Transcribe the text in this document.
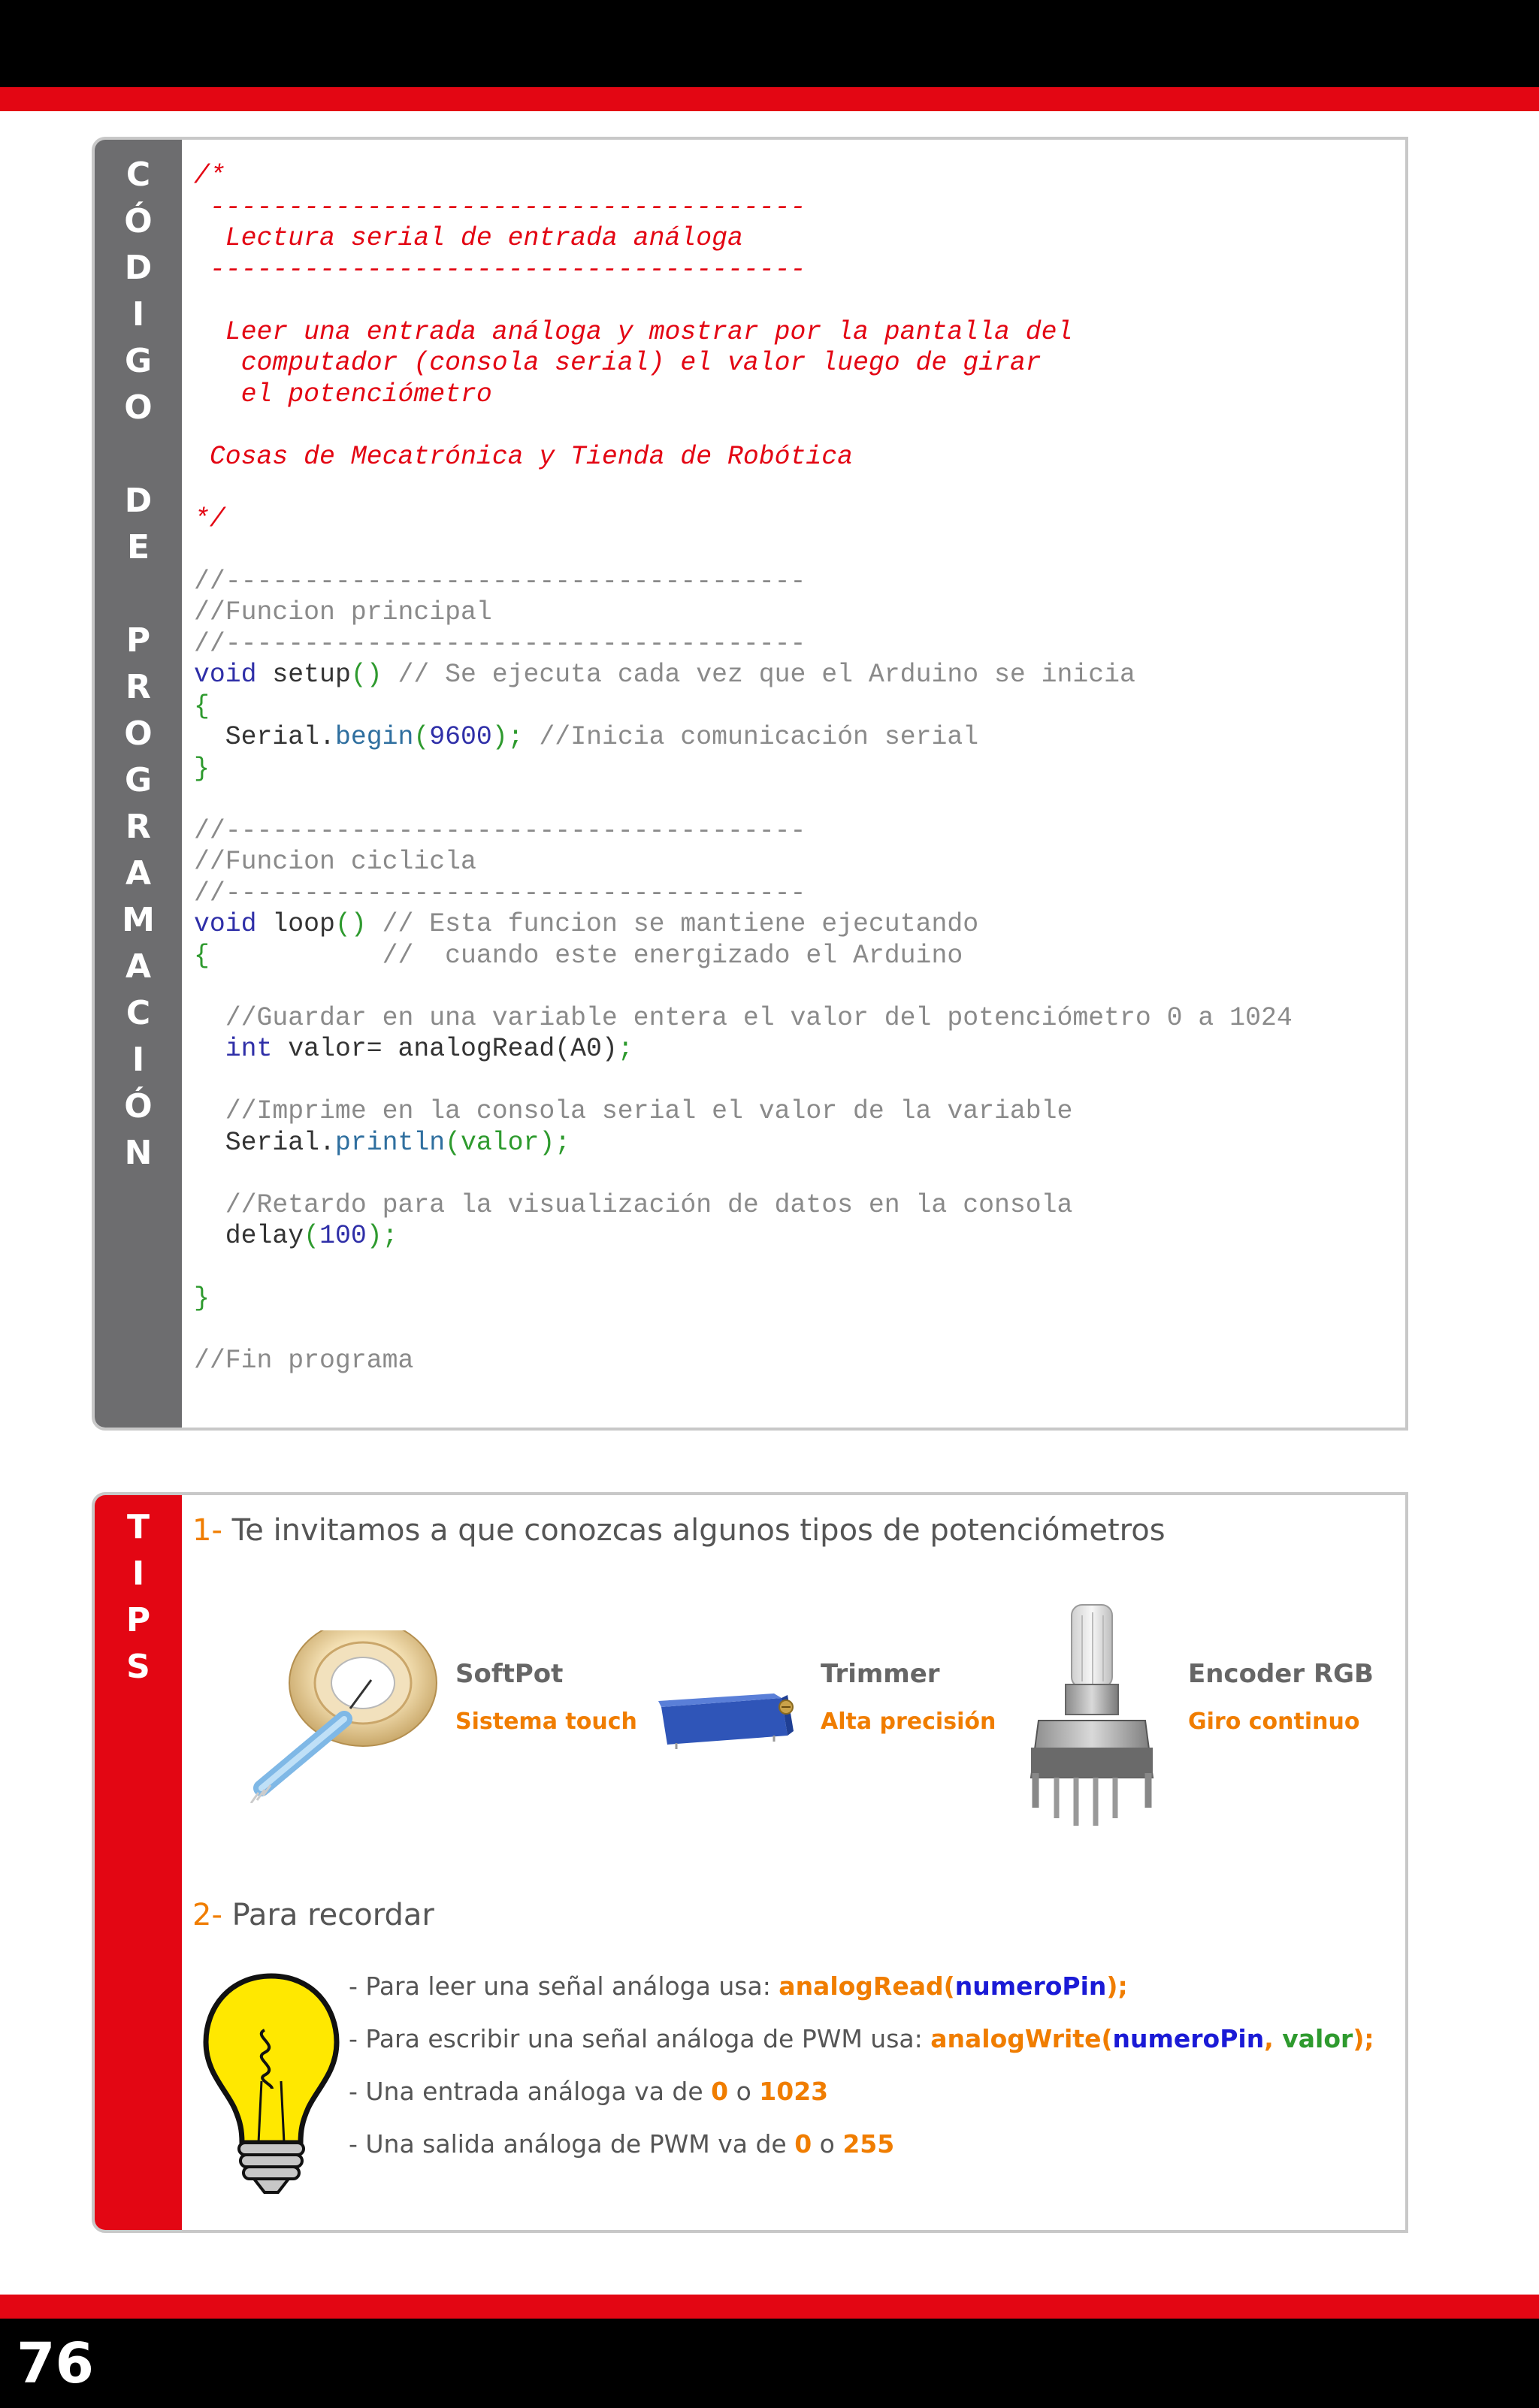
C
Ó
D
I
G
O
D
E
P
R
O
G
R
A
M
A
C
I
Ó
N
/*
--------------------------------------
Lectura serial de entrada análoga
--------------------------------------

Leer una entrada análoga y mostrar por la pantalla del
computador (consola serial) el valor luego de girar
el potenciómetro

Cosas de Mecatrónica y Tienda de Robótica

*/

//-------------------------------------
//Funcion principal
//-------------------------------------
void setup() // Se ejecuta cada vez que el Arduino se inicia
{
Serial.begin(9600); //Inicia comunicación serial
}

//-------------------------------------
//Funcion ciclicla
//-------------------------------------
void loop() // Esta funcion se mantiene ejecutando
{           //  cuando este energizado el Arduino

//Guardar en una variable entera el valor del potenciómetro 0 a 1024
int valor= analogRead(A0);

//Imprime en la consola serial el valor de la variable
Serial.println(valor);

//Retardo para la visualización de datos en la consola
delay(100);

}

//Fin programa
T
I
P
S
1- Te invitamos a que conozcas algunos tipos de potenciómetros
SoftPot
Sistema touch
Trimmer
Alta precisión
Encoder RGB
Giro continuo
2- Para recordar
- Para leer una señal análoga usa: analogRead(numeroPin);
- Para escribir una señal análoga de PWM usa: analogWrite(numeroPin, valor);
- Una entrada análoga va de 0 o 1023
- Una salida análoga de PWM va de 0 o 255
76
